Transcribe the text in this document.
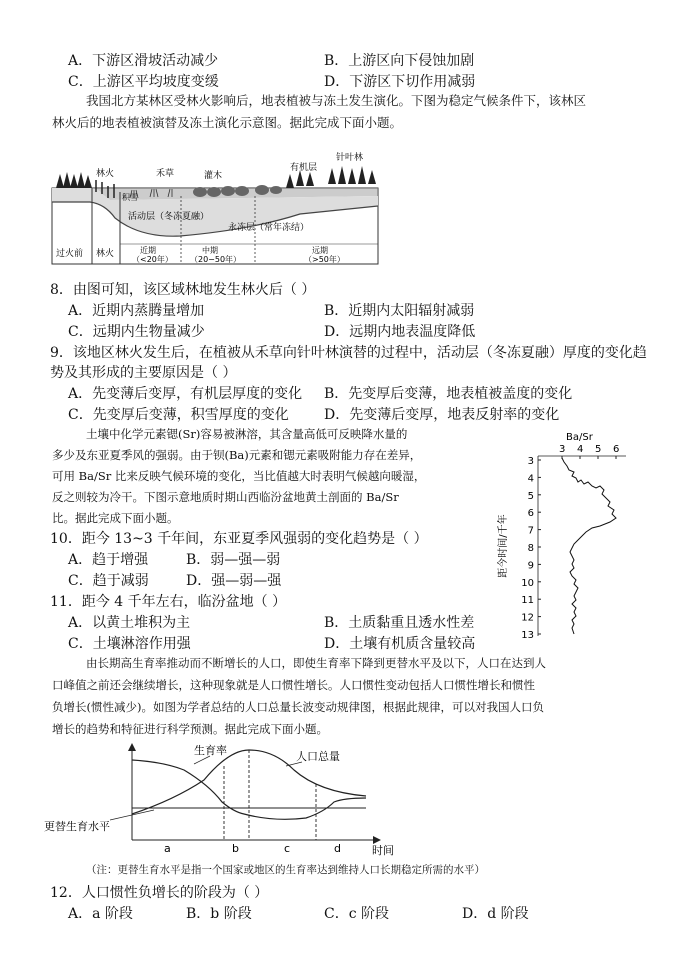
A．下游区滑坡活动减少	B．上游区向下侵蚀加剧
C．上游区平均坡度变缓	D．下游区下切作用减弱
我国北方某林区受林火影响后，地表植被与冻土发生演化。下图为稳定气候条件下，该林区
林火后的地表植被演替及冻土演化示意图。据此完成下面小题。
林火	禾草	灌木
有机层
针叶林
积雪
活动层（冬冻夏融）
永冻层（常年冻结）
过火前 林火	近期
（<20年）
中期
（20−50年）
远期
（>50年）
8．由图可知，该区域林地发生林火后（ ）
A．近期内蒸腾量增加	B．近期内太阳辐射减弱
C．远期内生物量减少	D．远期内地表温度降低
9．该地区林火发生后，在植被从禾草向针叶林演替的过程中，活动层（冬冻夏融）厚度的变化趋
势及其形成的主要原因是（ ）
A．先变薄后变厚，有机层厚度的变化 B．先变厚后变薄，地表植被盖度的变化
C．先变厚后变薄，积雪厚度的变化	D．先变薄后变厚，地表反射率的变化
土壤中化学元素锶(Sr)容易被淋溶，其含量高低可反映降水量的
多少及东亚夏季风的强弱。由于钡(Ba)元素和锶元素吸附能力存在差异，
可用 Ba/Sr 比来反映气候环境的变化，当比值越大时表明气候越向暖湿，
反之则较为冷干。下图示意地质时期山西临汾盆地黄土剖面的 Ba/Sr
比。据此完成下面小题。
Ba/Sr
3 4 5 6
3
4
5
6
7
8
9
10
11
12
13
距今时间/千年
10．距今 13~3 千年间，东亚夏季风强弱的变化趋势是（ ）
A．趋于增强	B．弱—强—弱
C．趋于减弱	D．强—弱—强
11．距今 4 千年左右，临汾盆地（ ）
A．以黄土堆积为主	B．土质黏重且透水性差
C．土壤淋溶作用强	D．土壤有机质含量较高
由长期高生育率推动而不断增长的人口，即使生育率下降到更替水平及以下，人口在达到人
口峰值之前还会继续增长，这种现象就是人口惯性增长。人口惯性变动包括人口惯性增长和惯性
负增长(惯性减少)。如图为学者总结的人口总量长波变动规律图，根据此规律，可以对我国人口负
增长的趋势和特征进行科学预测。据此完成下面小题。
生育率	人口总量
更替生育水平
时间
a	b	c	d
（注：更替生育水平是指一个国家或地区的生育率达到维持人口长期稳定所需的水平）
12．人口惯性负增长的阶段为（ ）
A．a 阶段	B．b 阶段	C．c 阶段	D．d 阶段
